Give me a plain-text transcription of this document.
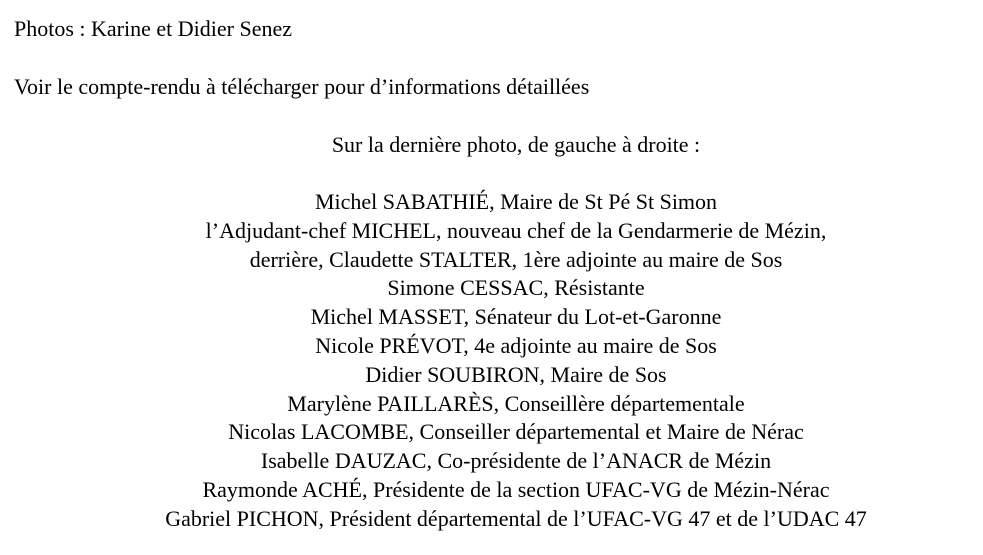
Photos : Karine et Didier Senez
Voir le compte-rendu à télécharger pour d’informations détaillées
Sur la dernière photo, de gauche à droite :
Michel SABATHIÉ, Maire de St Pé St Simon
l’Adjudant-chef MICHEL, nouveau chef de la Gendarmerie de Mézin,
derrière, Claudette STALTER, 1ère adjointe au maire de Sos
Simone CESSAC, Résistante
Michel MASSET, Sénateur du Lot-et-Garonne
Nicole PRÉVOT, 4e adjointe au maire de Sos
Didier SOUBIRON, Maire de Sos
Marylène PAILLARÈS, Conseillère départementale
Nicolas LACOMBE, Conseiller départemental et Maire de Nérac
Isabelle DAUZAC, Co-présidente de l’ANACR de Mézin
Raymonde ACHÉ, Présidente de la section UFAC-VG de Mézin-Nérac
Gabriel PICHON, Président départemental de l’UFAC-VG 47 et de l’UDAC 47
